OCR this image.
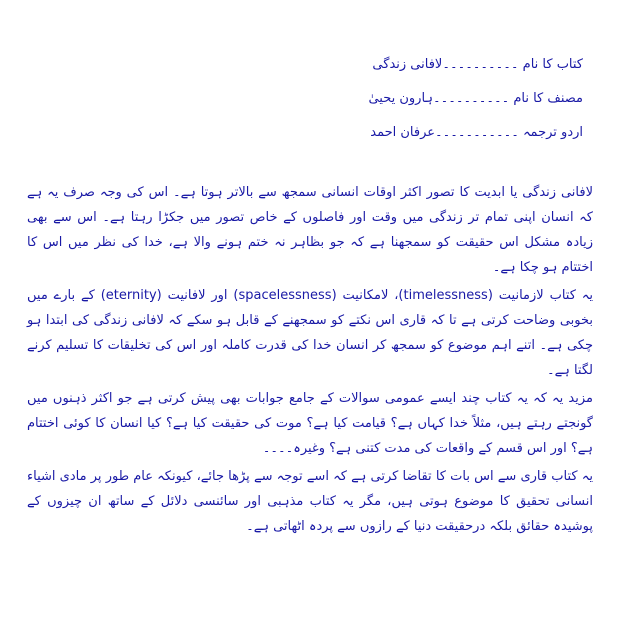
کتاب کا نام ۔۔۔۔۔۔۔۔۔۔لافانی زندگی
مصنف کا نام ۔۔۔۔۔۔۔۔۔۔ہارون یحییٰ
اردو ترجمہ ۔۔۔۔۔۔۔۔۔۔۔عرفان احمد

لافانی زندگی یا ابدیت کا تصور اکثر اوقات انسانی سمجھ سے بالاتر ہوتا ہے۔ اس کی وجہ صرف یہ ہے کہ انسان اپنی تمام تر زندگی میں وقت اور فاصلوں کے خاص تصور میں جکڑا رہتا ہے۔ اس سے بھی زیادہ مشکل اس حقیقت کو سمجھنا ہے کہ جو بظاہر نہ ختم ہونے والا ہے، خدا کی نظر میں اس کا اختتام ہو چکا ہے۔

یہ کتاب لازمانیت (timelessness)، لامکانیت (spacelessness) اور لافانیت (eternity) کے بارے میں بخوبی وضاحت کرتی ہے تا کہ قاری اس نکتے کو سمجھنے کے قابل ہو سکے کہ لافانی زندگی کی ابتدا ہو چکی ہے۔ اتنے اہم موضوع کو سمجھ کر انسان خدا کی قدرت کاملہ اور اس کی تخلیقات کا تسلیم کرنے لگتا ہے۔

مزید یہ کہ یہ کتاب چند ایسے عمومی سوالات کے جامع جوابات بھی پیش کرتی ہے جو اکثر ذہنوں میں گونجتے رہتے ہیں، مثلاً خدا کہاں ہے؟ قیامت کیا ہے؟ موت کی حقیقت کیا ہے؟ کیا انسان کا کوئی اختتام ہے؟ اور اس قسم کے واقعات کی مدت کتنی ہے؟ وغیرہ۔۔۔۔

یہ کتاب قاری سے اس بات کا تقاضا کرتی ہے کہ اسے توجہ سے پڑھا جائے، کیونکہ عام طور پر مادی اشیاء انسانی تحقیق کا موضوع ہوتی ہیں، مگر یہ کتاب مذہبی اور سائنسی دلائل کے ساتھ ان چیزوں کے پوشیدہ حقائق بلکہ درحقیقت دنیا کے رازوں سے پردہ اٹھاتی ہے۔
